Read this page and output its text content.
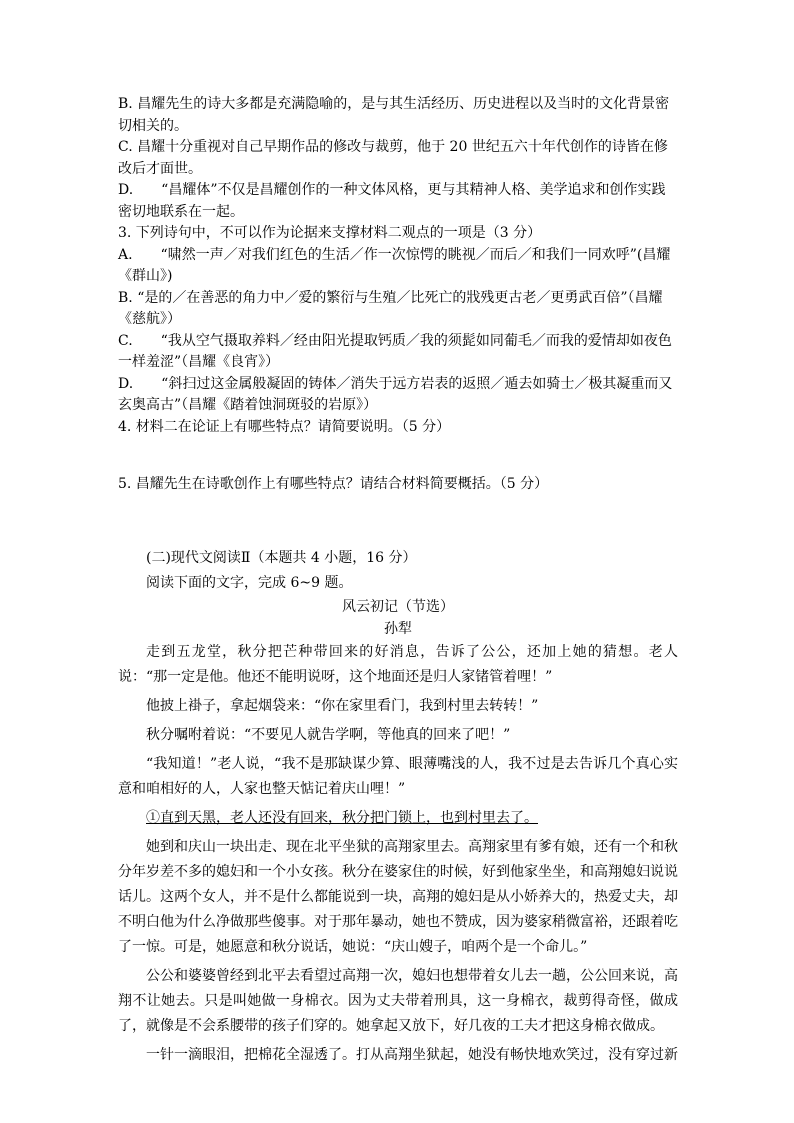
B. 昌耀先生的诗大多都是充满隐喻的，是与其生活经历、历史进程以及当时的文化背景密切相关的。

C. 昌耀十分重视对自己早期作品的修改与裁剪，他于 20 世纪五六十年代创作的诗皆在修改后才面世。

D.　　“昌耀体”不仅是昌耀创作的一种文体风格，更与其精神人格、美学追求和创作实践密切地联系在一起。

3. 下列诗句中，不可以作为论据来支撑材料二观点的一项是（3 分）

A.　　“啸然一声／对我们红色的生活／作一次惊愕的眺视／而后／和我们一同欢呼”(昌耀《群山》)

B. “是的／在善恶的角力中／爱的繁衍与生殖／比死亡的戕残更古老／更勇武百倍”（昌耀《慈航》）

C.　　“我从空气摄取养料／经由阳光提取钙质／我的须髭如同葡毛／而我的爱情却如夜色一样羞涩”（昌耀《良宵》）

D.　　“斜扫过这金属般凝固的铸体／消失于远方岩表的返照／遁去如骑士／极其凝重而又玄奥高古”（昌耀《踏着蚀洞斑驳的岩原》）

4. 材料二在论证上有哪些特点？请简要说明。（5 分）

5. 昌耀先生在诗歌创作上有哪些特点？请结合材料简要概括。（5 分）

(二)现代文阅读Ⅱ（本题共 4 小题，16 分）

阅读下面的文字，完成 6~9 题。

风云初记（节选）

孙犁

走到五龙堂，秋分把芒种带回来的好消息，告诉了公公，还加上她的猜想。老人说：“那一定是他。他还不能明说呀，这个地面还是归人家锗管着哩！”

他披上褂子，拿起烟袋来：“你在家里看门，我到村里去转转！”

秋分嘱咐着说：“不要见人就告学啊，等他真的回来了吧！”

“我知道！”老人说，“我不是那缺谋少算、眼薄嘴浅的人，我不过是去告诉几个真心实意和咱相好的人，人家也整天惦记着庆山哩！”

①直到天黑，老人还没有回来，秋分把门锁上，也到村里去了。

她到和庆山一块出走、现在北平坐狱的高翔家里去。高翔家里有爹有娘，还有一个和秋分年岁差不多的媳妇和一个小女孩。秋分在婆家住的时候，好到他家坐坐，和高翔媳妇说说话儿。这两个女人，并不是什么都能说到一块，高翔的媳妇是从小娇养大的，热爱丈夫，却不明白他为什么净做那些傻事。对于那年暴动，她也不赞成，因为婆家稍微富裕，还跟着吃了一惊。可是，她愿意和秋分说话，她说：“庆山嫂子，咱两个是一个命儿。”

公公和婆婆曾经到北平去看望过高翔一次，媳妇也想带着女儿去一趟，公公回来说，高翔不让她去。只是叫她做一身棉衣。因为丈夫带着刑具，这一身棉衣，裁剪得奇怪，做成了，就像是不会系腰带的孩子们穿的。她拿起又放下，好几夜的工夫才把这身棉衣做成。

一针一滴眼泪，把棉花全湿透了。打从高翔坐狱起，她没有畅快地欢笑过，没有穿过新
